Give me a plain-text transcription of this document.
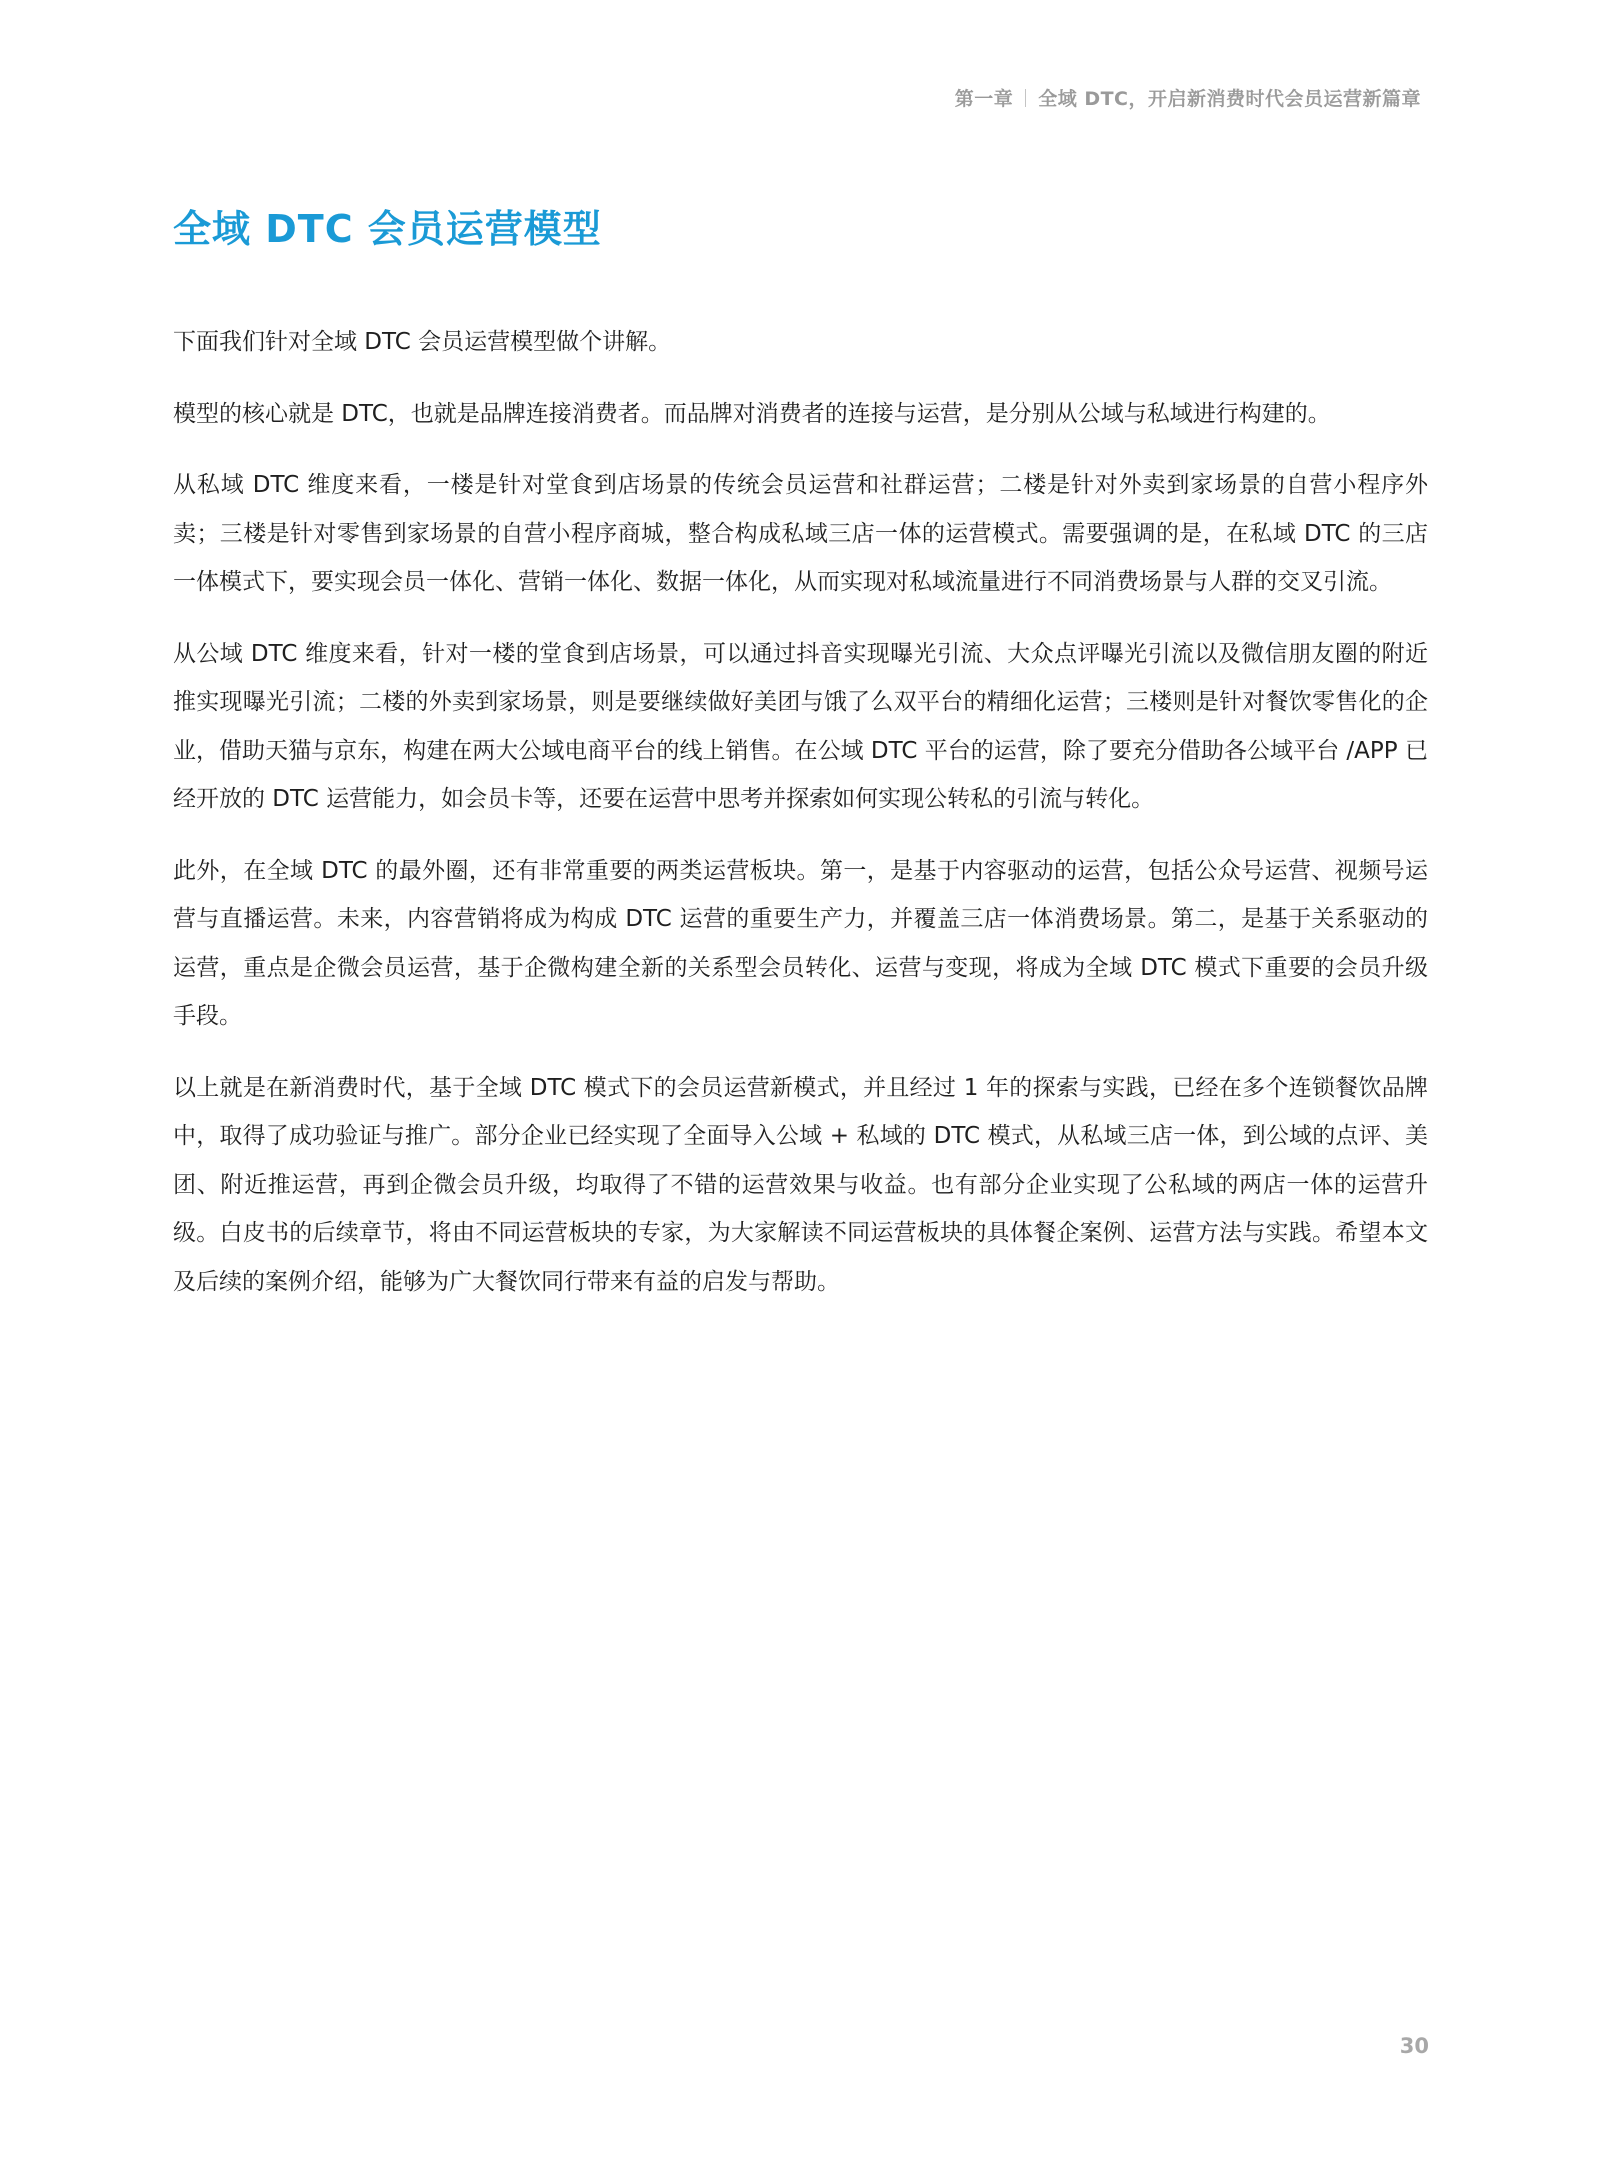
第一章 全域 DTC，开启新消费时代会员运营新篇章
全域 DTC 会员运营模型

下面我们针对全域 DTC 会员运营模型做个讲解。

模型的核心就是 DTC，也就是品牌连接消费者。而品牌对消费者的连接与运营，是分别从公域与私域进行构建的。

从私域 DTC 维度来看，一楼是针对堂食到店场景的传统会员运营和社群运营；二楼是针对外卖到家场景的自营小程序外卖；三楼是针对零售到家场景的自营小程序商城，整合构成私域三店一体的运营模式。需要强调的是，在私域 DTC 的三店一体模式下，要实现会员一体化、营销一体化、数据一体化，从而实现对私域流量进行不同消费场景与人群的交叉引流。

从公域 DTC 维度来看，针对一楼的堂食到店场景，可以通过抖音实现曝光引流、大众点评曝光引流以及微信朋友圈的附近推实现曝光引流；二楼的外卖到家场景，则是要继续做好美团与饿了么双平台的精细化运营；三楼则是针对餐饮零售化的企业，借助天猫与京东，构建在两大公域电商平台的线上销售。在公域 DTC 平台的运营，除了要充分借助各公域平台 /APP 已经开放的 DTC 运营能力，如会员卡等，还要在运营中思考并探索如何实现公转私的引流与转化。

此外，在全域 DTC 的最外圈，还有非常重要的两类运营板块。第一，是基于内容驱动的运营，包括公众号运营、视频号运营与直播运营。未来，内容营销将成为构成 DTC 运营的重要生产力，并覆盖三店一体消费场景。第二，是基于关系驱动的运营，重点是企微会员运营，基于企微构建全新的关系型会员转化、运营与变现，将成为全域 DTC 模式下重要的会员升级手段。

以上就是在新消费时代，基于全域 DTC 模式下的会员运营新模式，并且经过 1 年的探索与实践，已经在多个连锁餐饮品牌中，取得了成功验证与推广。部分企业已经实现了全面导入公域 + 私域的 DTC 模式，从私域三店一体，到公域的点评、美团、附近推运营，再到企微会员升级，均取得了不错的运营效果与收益。也有部分企业实现了公私域的两店一体的运营升级。白皮书的后续章节，将由不同运营板块的专家，为大家解读不同运营板块的具体餐企案例、运营方法与实践。希望本文及后续的案例介绍，能够为广大餐饮同行带来有益的启发与帮助。

30
